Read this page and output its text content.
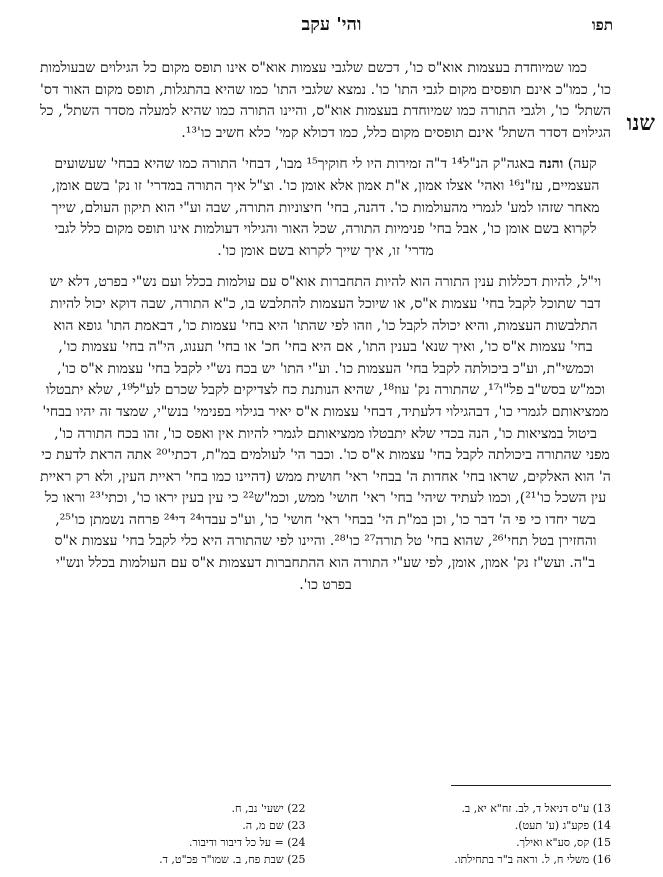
תפו
והי' עקב
שנו

כמו שמיוחדת בעצמות אוא"ס כו', דכשם שלגבי עצמות אוא"ס אינו תופס מקום כל הגילוים שבעולמות כו', כמו"כ אינם תופסים מקום לגבי התו' כו'. נמצא שלגבי התו' כמו שהיא בהתגלות, תופס מקום האור דס' השתל' כו', ולגבי התורה כמו שמיוחדת בעצמות אוא"ס, והיינו התורה כמו שהיא למעלה מסדר השתל', כל הגילוים דסדר השתל' אינם תופסים מקום כלל, כמו דכולא קמי' כלא חשיב כו'¹³.

קעה) והנה באגה"ק הנ"ל¹⁴ ד"ה זמירות היו לי חוקיך¹⁵ מבו', דבחי' התורה כמו שהיא בבחי' שעשועים העצמיים, עז"נ¹⁶ ואהי' אצלו אמון, א"ת אמון אלא אומן כו'. וצ"ל איך התורה במדרי' זו נק' בשם אומן, מאחר שזהו למע' לגמרי מהעולמות כו'. דהנה, בחי' חיצוניות התורה, שבה וע"י הוא תיקון העולם, שייך לקרוא בשם אומן כו', אבל בחי' פנימיות התורה, שכל האור והגילוי דעולמות אינו תופס מקום כלל לגבי מדרי' זו, איך שייך לקרוא בשם אומן כו'.

וי"ל, להיות דכללות ענין התורה הוא להיות התחברות אוא"ס עם עולמות בכלל ועם נש"י בפרט, דלא יש דבר שתוכל לקבל בחי' עצמות א"ס, או שיוכל העצמות להתלבש בו, כ"א התורה, שבה דוקא יכול להיות התלבשות העצמות, והיא יכולה לקבל כו', וזהו לפי שהתו' היא בחי' עצמות כו', דבאמת התו' גופא הוא בחי' עצמות א"ס כו', ואיך שנא' בענין התו', אם היא בחי' חכ' או בחי' תענוג, הי"ה בחי' עצמות כו', וכמשי"ת, וע"כ ביכולתה לקבל בחי' העצמות כו'. וע"י התו' יש בכח נש"י לקבל בחי' עצמות א"ס כו', וכמ"ש בסש"ב פל"ו¹⁷, שהתורה נק' עוז¹⁸, שהיא הנותנת כח לצדיקים לקבל שכרם לע"ל¹⁹, שלא יתבטלו ממציאותם לגמרי כו', דבהגילוי דלעתיד, דבחי' עצמות א"ס יאיר בגילוי בפנימי' בנש"י, שמצד זה יהיו בבחי' ביטול במציאות כו', הנה בכדי שלא יתבטלו ממציאותם לגמרי להיות אין ואפס כו', זהו בכח התורה כו', מפני שהתורה ביכולתה לקבל בחי' עצמות א"ס כו'. וכבר הי' לעולמים במ"ת, דכתי'²⁰ אתה הראת לדעת כי ה' הוא האלקים, שראו בחי' אחדות ה' בבחי' ראי' חושית ממש (דהיינו כמו בחי' ראיית העין, ולא רק ראיית עין השכל כו'²¹), וכמו לעתיד שיהי' בחי' ראי' חושי' ממש, וכמ"ש²² כי עין בעין יראו כו', וכתי'²³ וראו כל בשר יחדו כי פי ה' דבר כו', וכן במ"ת הי' בבחי' ראי' חושי' כו', וע"כ עבדו²⁴ די²⁴ פרחה נשמתן כו'²⁵, והחזירן בטל תחי'²⁶, שהוא בחי' טל תורה²⁷ כו'²⁸. והיינו לפי שהתורה היא כלי לקבל בחי' עצמות א"ס ב"ה. ועש"ז נק' אמון, אומן, לפי שע"י התורה הוא ההתחברות דעצמות א"ס עם העולמות בכלל ונש"י בפרט כו'.

13) ע"ס דניאל ד, לב. זח"א יא, ב.
14) פקע"ג (ע' תעט).
15) קס, סע"א ואילך.
16) משלי ח, ל. וראה ב"ר בתחילתו.
22) ישעי' נב, ח.
23) שם מ, ה.
24) = על כל דיבור ודיבור.
25) שבת פח, ב. שמו"ר פכ"ט, ד.
